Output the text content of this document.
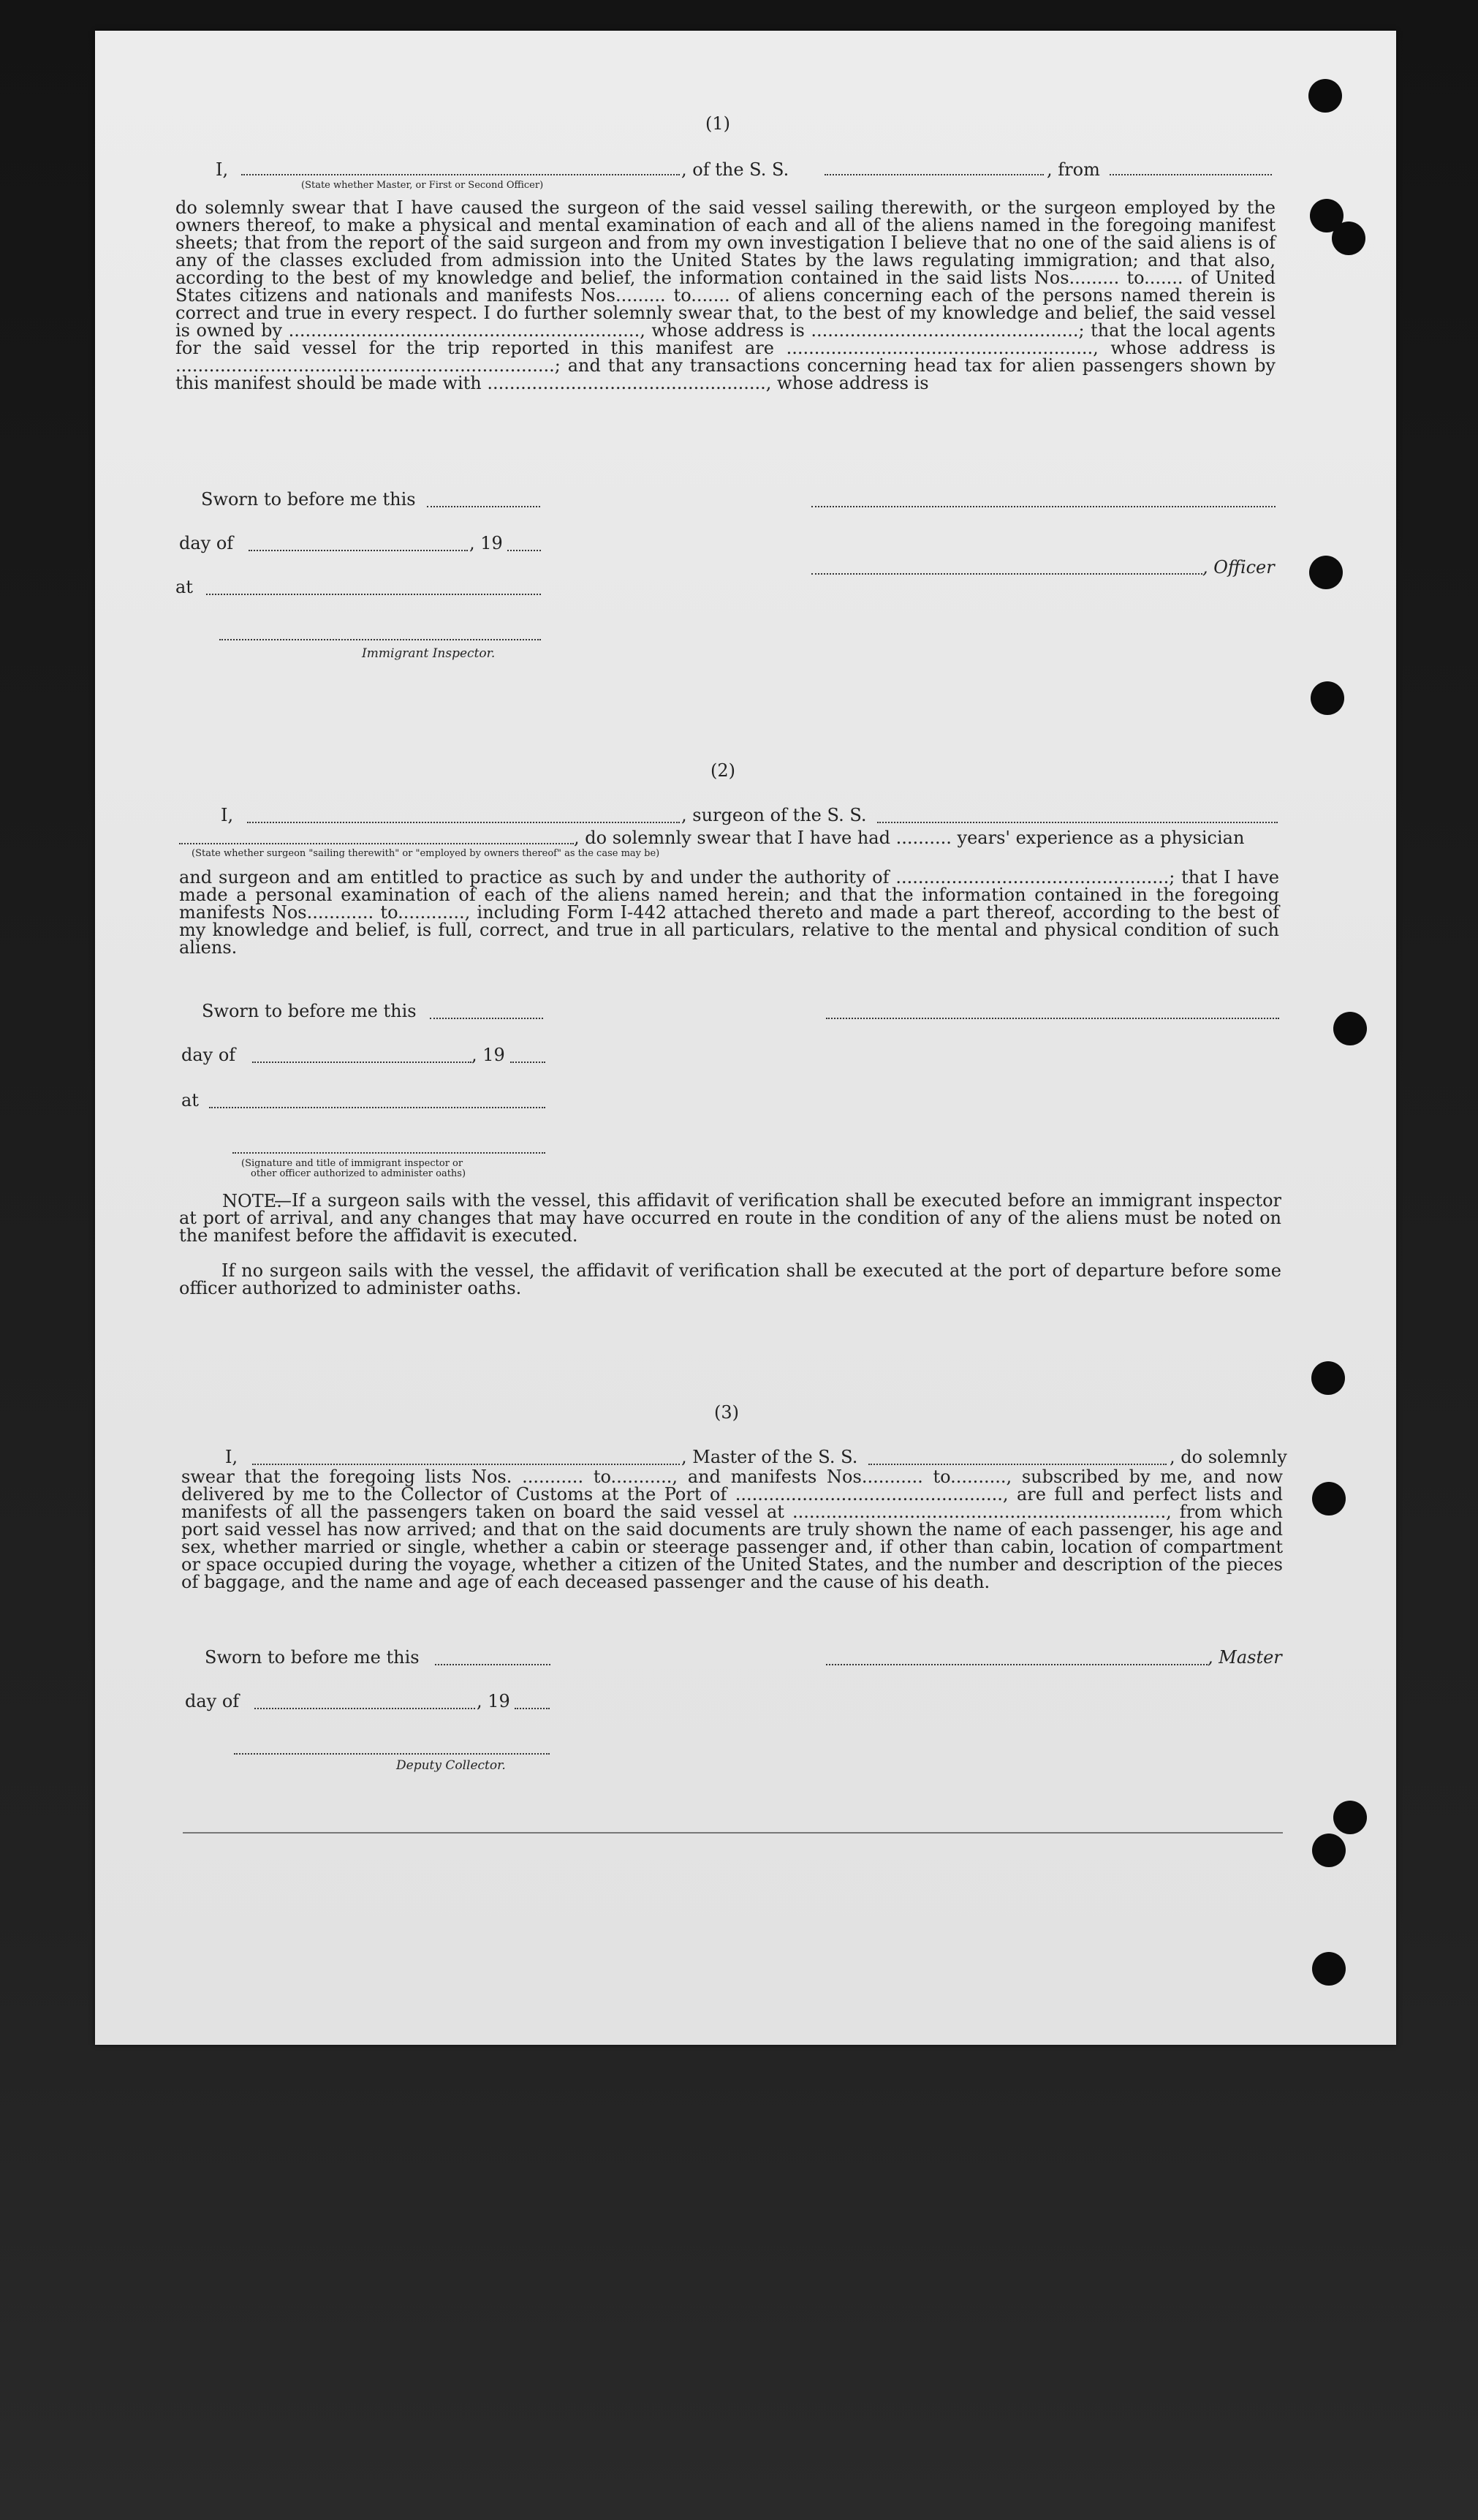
(1)
I,	, of the S. S.	, from
(State whether Master, or First or Second Officer)
do solemnly swear that I have caused the surgeon of the said vessel sailing therewith, or the surgeon employed by the owners thereof, to make a physical and mental examination of each and all of the aliens named in the foregoing manifest sheets; that from the report of the said surgeon and from my own investigation I believe that no one of the said aliens is of any of the classes excluded from admission into the United States by the laws regulating immigration; and that also, according to the best of my knowledge and belief, the information contained in the said lists Nos......... to....... of United States citizens and nationals and manifests Nos......... to....... of aliens concerning each of the persons named therein is correct and true in every respect. I do further solemnly swear that, to the best of my knowledge and belief, the said vessel is owned by ..............................................................., whose address is ................................................; that the local agents for the said vessel for the trip reported in this manifest are ......................................................., whose address is ....................................................................; and that any transactions concerning head tax for alien passengers shown by this manifest should be made with .................................................., whose address is
Sworn to before me this
day of	, 19
, Officer
at
Immigrant Inspector.
(2)
I,	, surgeon of the S. S.
, do solemnly swear that I have had .......... years' experience as a physician
(State whether surgeon "sailing therewith" or "employed by owners thereof" as the case may be)
and surgeon and am entitled to practice as such by and under the authority of .................................................; that I have made a personal examination of each of the aliens named herein; and that the information contained in the foregoing manifests Nos............ to............, including Form I-442 attached thereto and made a part thereof, according to the best of my knowledge and belief, is full, correct, and true in all particulars, relative to the mental and physical condition of such aliens.
Sworn to before me this
day of	, 19
at
(Signature and title of immigrant inspector or
other officer authorized to administer oaths)
NOTE.
—If a surgeon sails with the vessel, this affidavit of verification shall be executed before an immigrant inspector at port of arrival, and any changes that may have occurred en route in the condition of any of the aliens must be noted on the manifest before the affidavit is executed.
If no surgeon sails with the vessel, the affidavit of verification shall be executed at the port of departure before some officer authorized to administer oaths.
(3)
I,	, Master of the S. S.	, do solemnly
swear that the foregoing lists Nos. ........... to..........., and manifests Nos........... to.........., subscribed by me, and now delivered by me to the Collector of Customs at the Port of ................................................, are full and perfect lists and manifests of all the passengers taken on board the said vessel at ..................................................................., from which port said vessel has now arrived; and that on the said documents are truly shown the name of each passenger, his age and sex, whether married or single, whether a cabin or steerage passenger and, if other than cabin, location of compartment or space occupied during the voyage, whether a citizen of the United States, and the number and description of the pieces of baggage, and the name and age of each deceased passenger and the cause of his death.
Sworn to before me this	, Master
day of	, 19
Deputy Collector.
